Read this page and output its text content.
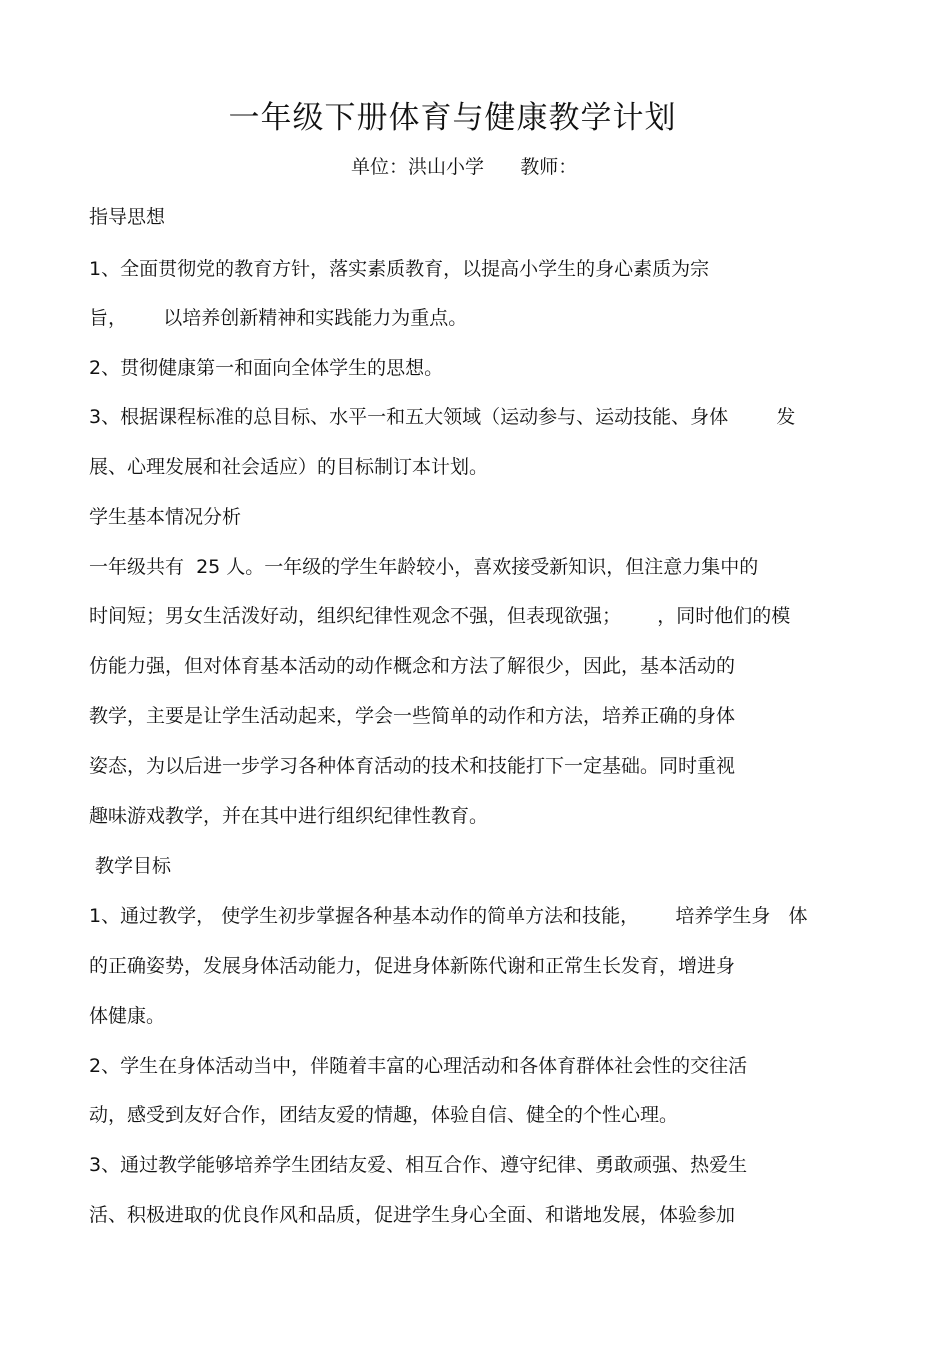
一年级下册体育与健康教学计划
单位：洪山小学      教师：
指导思想
1、全面贯彻党的教育方针，落实素质教育，以提高小学生的身心素质为宗
旨，      以培养创新精神和实践能力为重点。
2、贯彻健康第一和面向全体学生的思想。
3、根据课程标准的总目标、水平一和五大领域（运动参与、运动技能、身体        发
展、心理发展和社会适应）的目标制订本计划。
学生基本情况分析
一年级共有  25 人。一年级的学生年龄较小，喜欢接受新知识，但注意力集中的
时间短；男女生活泼好动，组织纪律性观念不强，但表现欲强；      ，同时他们的模
仿能力强，但对体育基本活动的动作概念和方法了解很少，因此，基本活动的
教学，主要是让学生活动起来，学会一些简单的动作和方法，培养正确的身体
姿态，为以后进一步学习各种体育活动的技术和技能打下一定基础。同时重视
趣味游戏教学，并在其中进行组织纪律性教育。
教学目标
1、通过教学， 使学生初步掌握各种基本动作的简单方法和技能，      培养学生身   体
的正确姿势，发展身体活动能力，促进身体新陈代谢和正常生长发育，增进身
体健康。
2、学生在身体活动当中，伴随着丰富的心理活动和各体育群体社会性的交往活
动，感受到友好合作，团结友爱的情趣，体验自信、健全的个性心理。
3、通过教学能够培养学生团结友爱、相互合作、遵守纪律、勇敢顽强、热爱生
活、积极进取的优良作风和品质，促进学生身心全面、和谐地发展，体验参加
